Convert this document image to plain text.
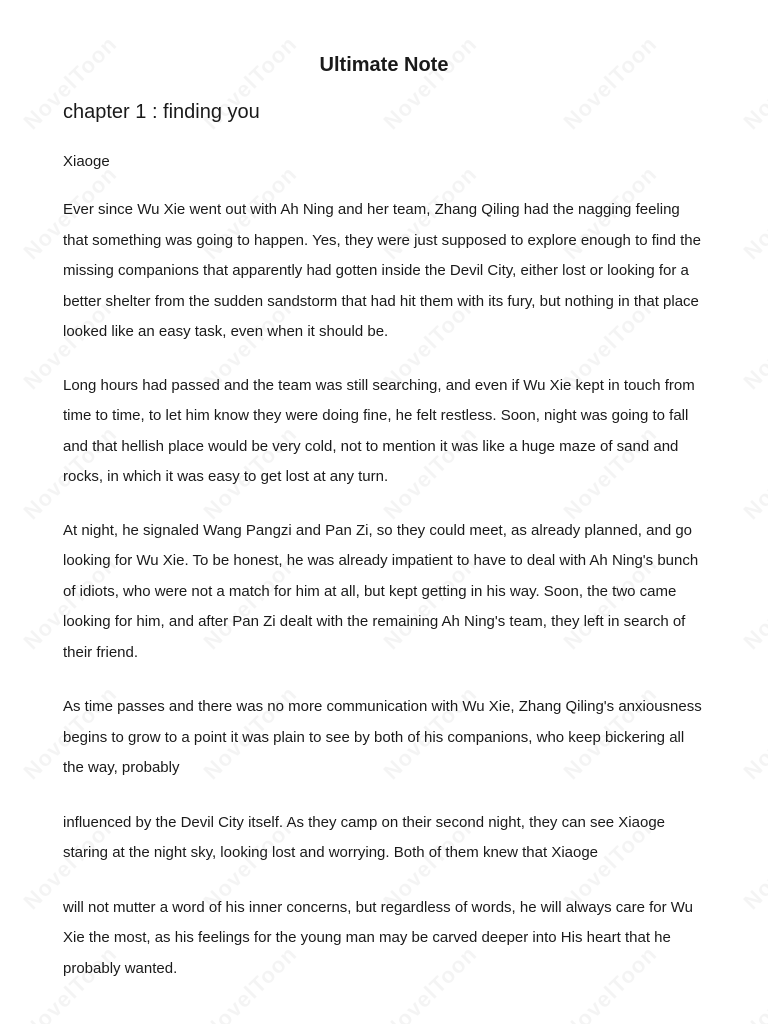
Ultimate Note
chapter 1 : finding you

Xiaoge

Ever since Wu Xie went out with Ah Ning and her team, Zhang Qiling had the nagging feeling that something was going to happen. Yes, they were just supposed to explore enough to find the missing companions that apparently had gotten inside the Devil City, either lost or looking for a better shelter from the sudden sandstorm that had hit them with its fury, but nothing in that place looked like an easy task, even when it should be.

Long hours had passed and the team was still searching, and even if Wu Xie kept in touch from time to time, to let him know they were doing fine, he felt restless. Soon, night was going to fall and that hellish place would be very cold, not to mention it was like a huge maze of sand and rocks, in which it was easy to get lost at any turn.

At night, he signaled Wang Pangzi and Pan Zi, so they could meet, as already planned, and go looking for Wu Xie. To be honest, he was already impatient to have to deal with Ah Ning's bunch of idiots, who were not a match for him at all, but kept getting in his way. Soon, the two came looking for him, and after Pan Zi dealt with the remaining Ah Ning's team, they left in search of their friend.

As time passes and there was no more communication with Wu Xie, Zhang Qiling's anxiousness begins to grow to a point it was plain to see by both of his companions, who keep bickering all the way, probably

influenced by the Devil City itself. As they camp on their second night, they can see Xiaoge staring at the night sky, looking lost and worrying. Both of them knew that Xiaoge

will not mutter a word of his inner concerns, but regardless of words, he will always care for Wu Xie the most, as his feelings for the young man may be carved deeper into His heart that he probably wanted.
